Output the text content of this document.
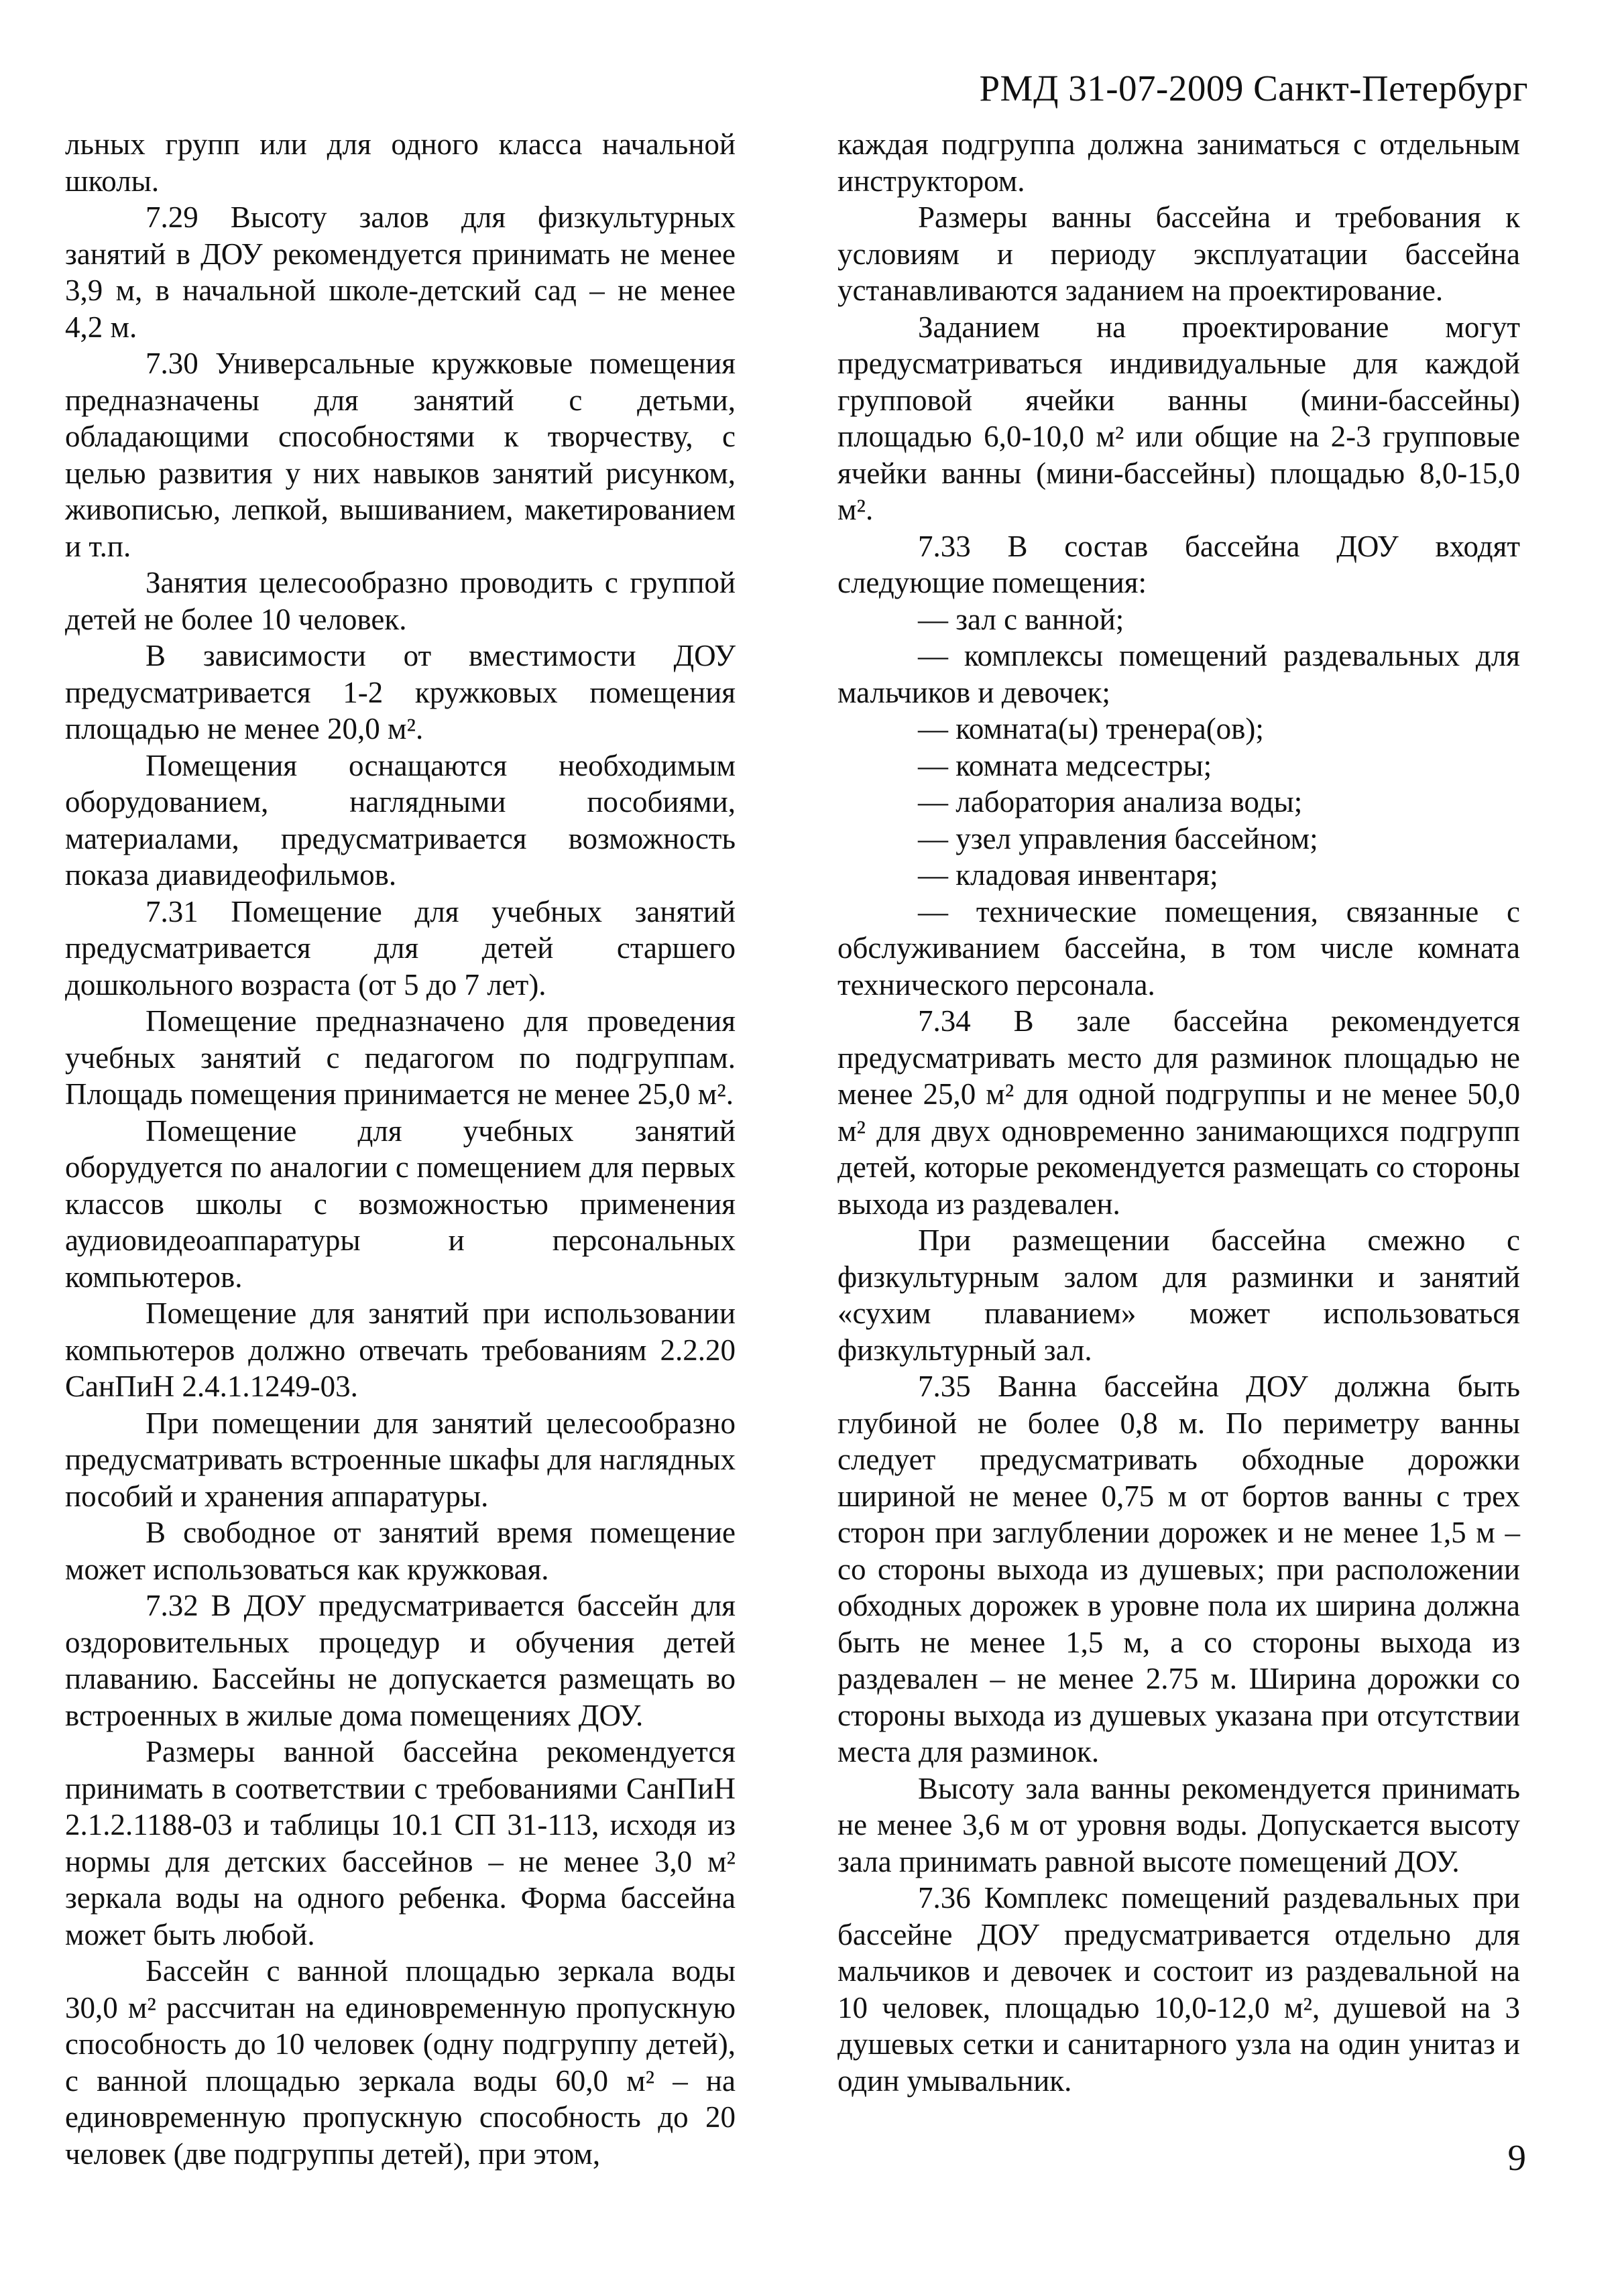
РМД 31-07-2009 Санкт-Петербург

льных групп или для одного класса начальной школы.

7.29 Высоту залов для физкультурных занятий в ДОУ рекомендуется принимать не менее 3,9 м, в начальной школе-детский сад – не менее 4,2 м.

7.30 Универсальные кружковые помещения предназначены для занятий с детьми, обладающими способностями к творчеству, с целью развития у них навыков занятий рисунком, живописью, лепкой, вышиванием, макетированием и т.п.

Занятия целесообразно проводить с группой детей не более 10 человек.

В зависимости от вместимости ДОУ предусматривается 1-2 кружковых помещения площадью не менее 20,0 м².

Помещения оснащаются необходимым оборудованием, наглядными пособиями, материалами, предусматривается возможность показа диавидеофильмов.

7.31 Помещение для учебных занятий предусматривается для детей старшего дошкольного возраста (от 5 до 7 лет).

Помещение предназначено для проведения учебных занятий с педагогом по подгруппам. Площадь помещения принимается не менее 25,0 м².

Помещение для учебных занятий оборудуется по аналогии с помещением для первых классов школы с возможностью применения аудиовидеоаппаратуры и персональных компьютеров.

Помещение для занятий при использовании компьютеров должно отвечать требованиям 2.2.20 СанПиН 2.4.1.1249-03.

При помещении для занятий целесообразно предусматривать встроенные шкафы для наглядных пособий и хранения аппаратуры.

В свободное от занятий время помещение может использоваться как кружковая.

7.32 В ДОУ предусматривается бассейн для оздоровительных процедур и обучения детей плаванию. Бассейны не допускается размещать во встроенных в жилые дома помещениях ДОУ.

Размеры ванной бассейна рекомендуется принимать в соответствии с требованиями СанПиН 2.1.2.1188-03 и таблицы 10.1 СП 31-113, исходя из нормы для детских бассейнов – не менее 3,0 м² зеркала воды на одного ребенка. Форма бассейна может быть любой.

Бассейн с ванной площадью зеркала воды 30,0 м² рассчитан на единовременную пропускную способность до 10 человек (одну подгруппу детей), с ванной площадью зеркала воды 60,0 м² – на единовременную пропускную способность до 20 человек (две подгруппы детей), при этом,

каждая подгруппа должна заниматься с отдельным инструктором.

Размеры ванны бассейна и требования к условиям и периоду эксплуатации бассейна устанавливаются заданием на проектирование.

Заданием на проектирование могут предусматриваться индивидуальные для каждой групповой ячейки ванны (мини-бассейны) площадью 6,0-10,0 м² или общие на 2-3 групповые ячейки ванны (мини-бассейны) площадью 8,0-15,0 м².

7.33 В состав бассейна ДОУ входят следующие помещения:

— зал с ванной;

— комплексы помещений раздевальных для мальчиков и девочек;

— комната(ы) тренера(ов);

— комната медсестры;

— лаборатория анализа воды;

— узел управления бассейном;

— кладовая инвентаря;

— технические помещения, связанные с обслуживанием бассейна, в том числе комната технического персонала.

7.34 В зале бассейна рекомендуется предусматривать место для разминок площадью не менее 25,0 м² для одной подгруппы и не менее 50,0 м² для двух одновременно занимающихся подгрупп детей, которые рекомендуется размещать со стороны выхода из раздевален.

При размещении бассейна смежно с физкультурным залом для разминки и занятий «сухим плаванием» может использоваться физкультурный зал.

7.35 Ванна бассейна ДОУ должна быть глубиной не более 0,8 м. По периметру ванны следует предусматривать обходные дорожки шириной не менее 0,75 м от бортов ванны с трех сторон при заглублении дорожек и не менее 1,5 м – со стороны выхода из душевых; при расположении обходных дорожек в уровне пола их ширина должна быть не менее 1,5 м, а со стороны выхода из раздевален – не менее 2.75 м. Ширина дорожки со стороны выхода из душевых указана при отсутствии места для разминок.

Высоту зала ванны рекомендуется принимать не менее 3,6 м от уровня воды. Допускается высоту зала принимать равной высоте помещений ДОУ.

7.36 Комплекс помещений раздевальных при бассейне ДОУ предусматривается отдельно для мальчиков и девочек и состоит из раздевальной на 10 человек, площадью 10,0-12,0 м², душевой на 3 душевых сетки и санитарного узла на один унитаз и один умывальник.

9
